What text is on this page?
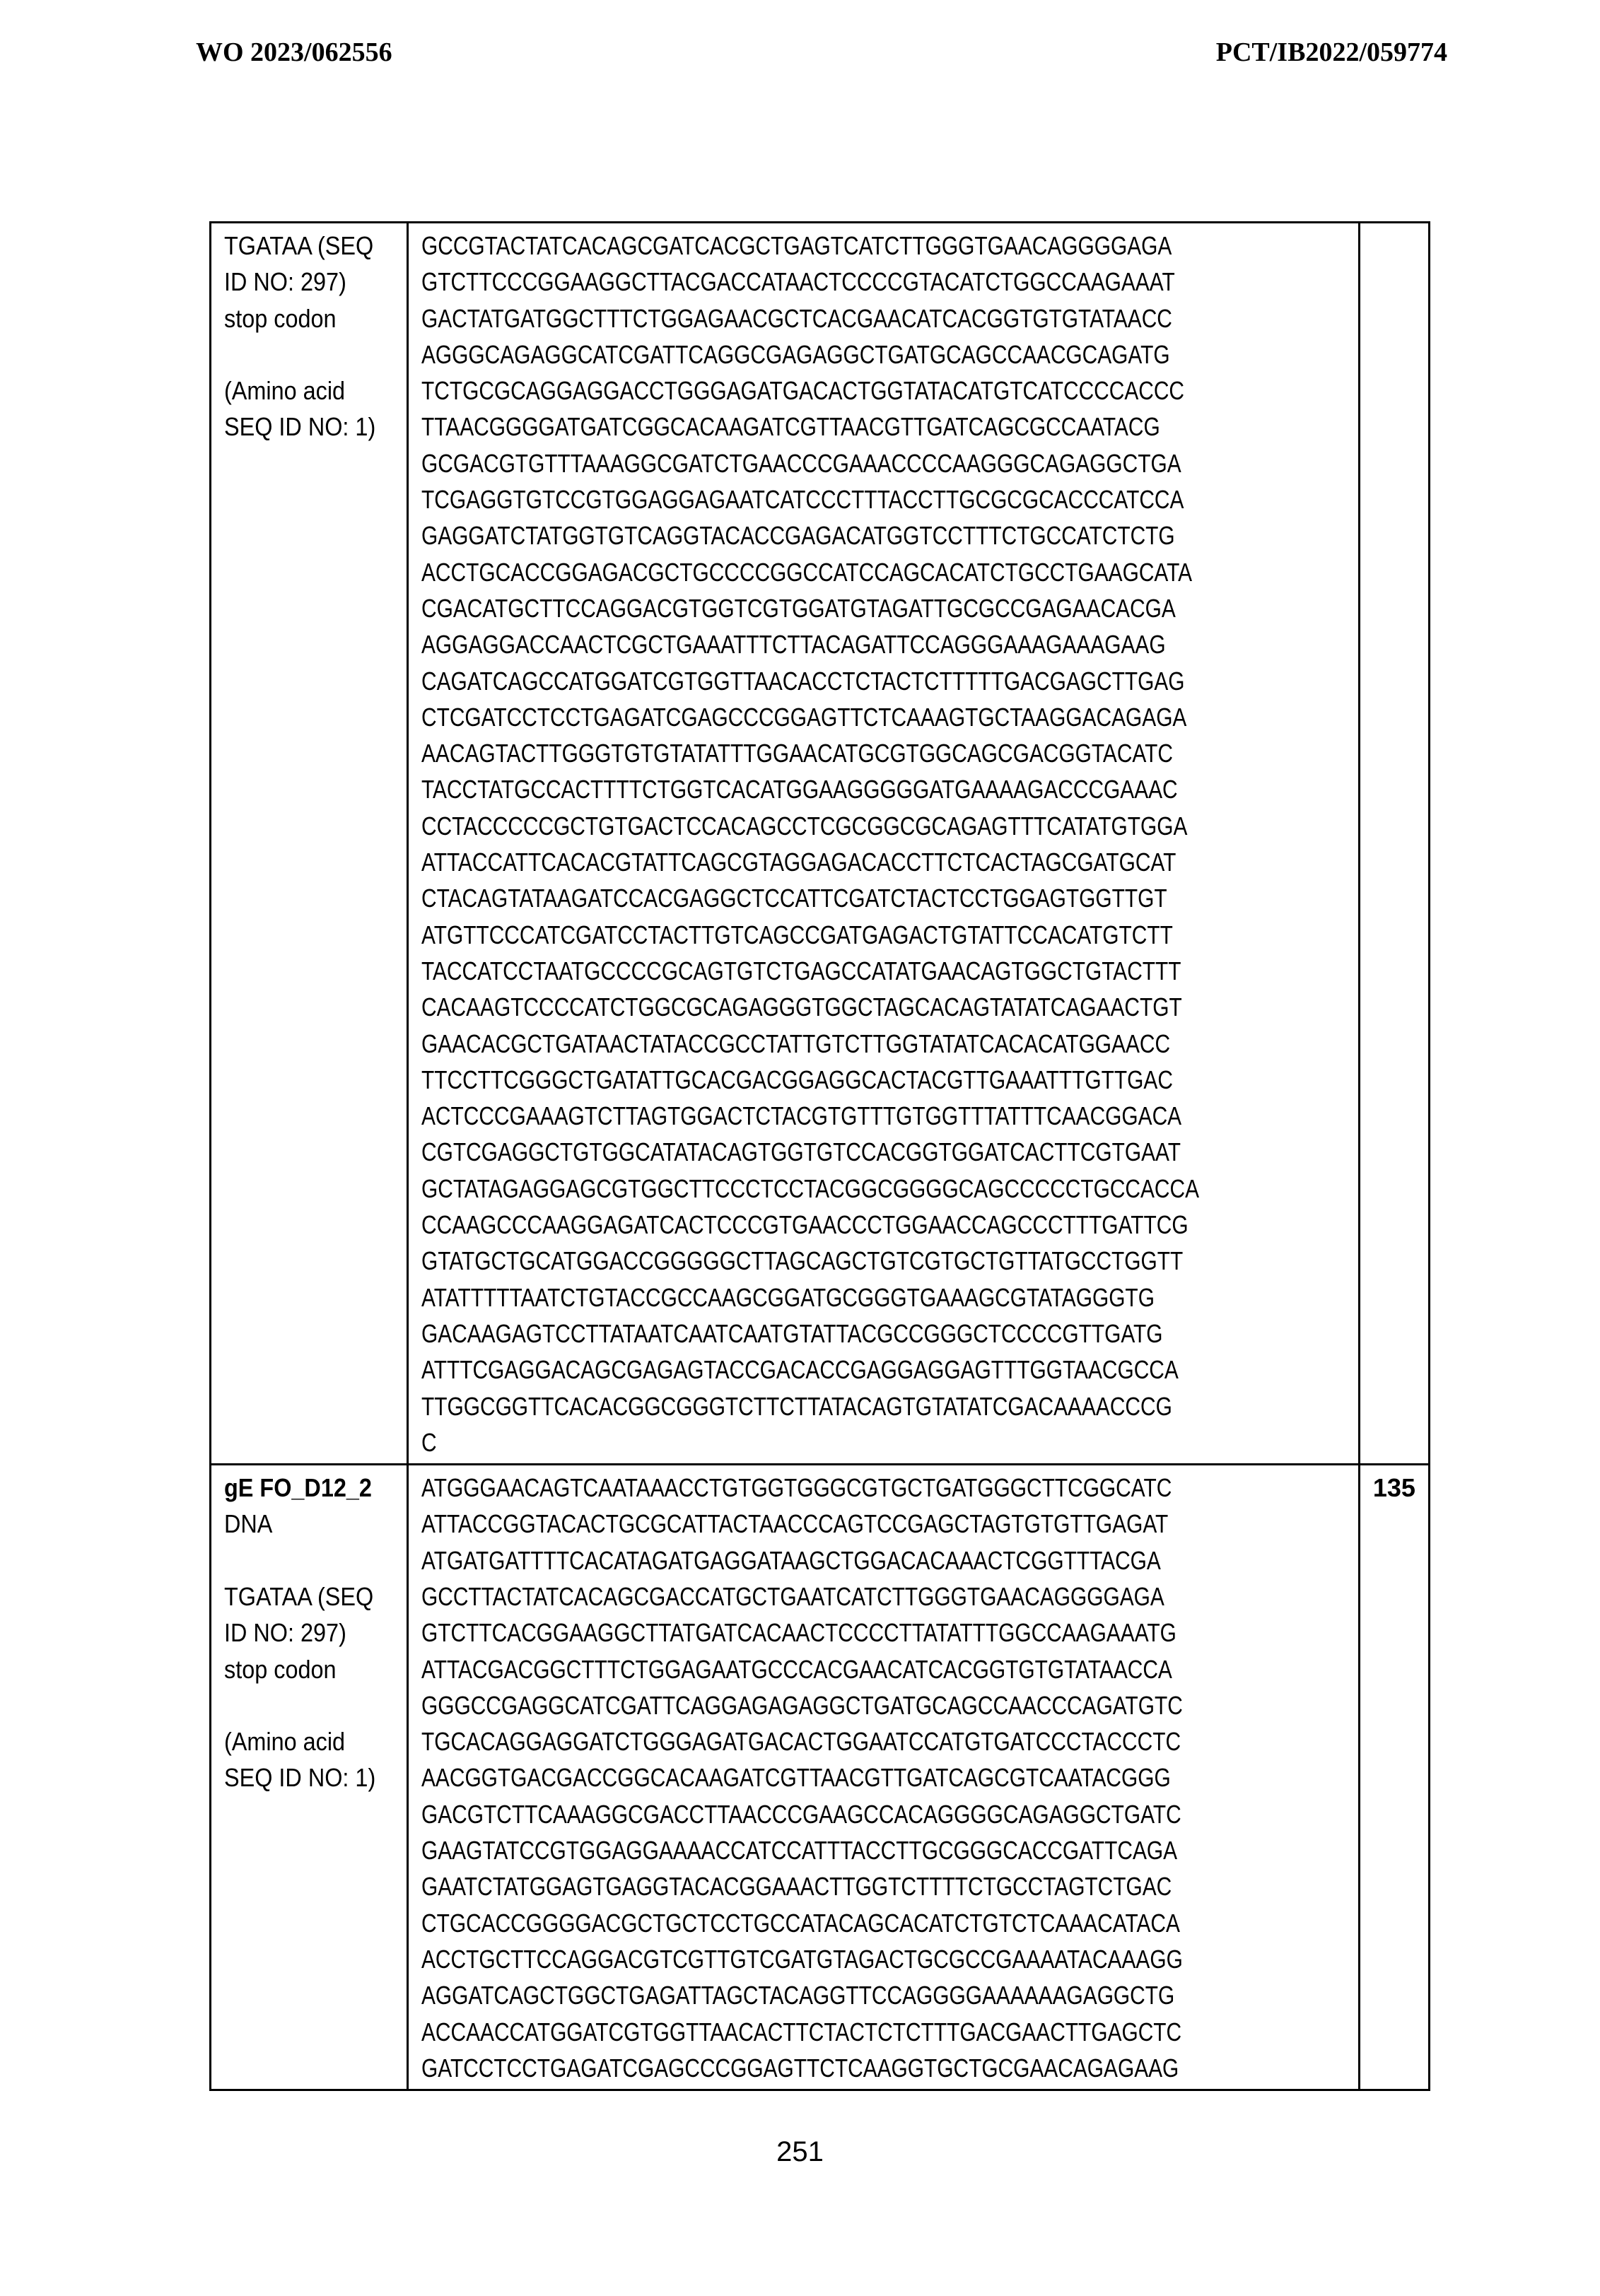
WO 2023/062556	PCT/IB2022/059774
TGATAA (SEQ
ID NO: 297)
stop codon

(Amino acid
SEQ ID NO: 1)

GCCGTACTATCACAGCGATCACGCTGAGTCATCTTGGGTGAACAGGGGAGA
GTCTTCCCGGAAGGCTTACGACCATAACTCCCCGTACATCTGGCCAAGAAAT
GACTATGATGGCTTTCTGGAGAACGCTCACGAACATCACGGTGTGTATAACC
AGGGCAGAGGCATCGATTCAGGCGAGAGGCTGATGCAGCCAACGCAGATG
TCTGCGCAGGAGGACCTGGGAGATGACACTGGTATACATGTCATCCCCACCC
TTAACGGGGATGATCGGCACAAGATCGTTAACGTTGATCAGCGCCAATACG
GCGACGTGTTTAAAGGCGATCTGAACCCGAAACCCCAAGGGCAGAGGCTGA
TCGAGGTGTCCGTGGAGGAGAATCATCCCTTTACCTTGCGCGCACCCATCCA
GAGGATCTATGGTGTCAGGTACACCGAGACATGGTCCTTTCTGCCATCTCTG
ACCTGCACCGGAGACGCTGCCCCGGCCATCCAGCACATCTGCCTGAAGCATA
CGACATGCTTCCAGGACGTGGTCGTGGATGTAGATTGCGCCGAGAACACGA
AGGAGGACCAACTCGCTGAAATTTCTTACAGATTCCAGGGAAAGAAAGAAG
CAGATCAGCCATGGATCGTGGTTAACACCTCTACTCTTTTTGACGAGCTTGAG
CTCGATCCTCCTGAGATCGAGCCCGGAGTTCTCAAAGTGCTAAGGACAGAGA
AACAGTACTTGGGTGTGTATATTTGGAACATGCGTGGCAGCGACGGTACATC
TACCTATGCCACTTTTCTGGTCACATGGAAGGGGGATGAAAAGACCCGAAAC
CCTACCCCCGCTGTGACTCCACAGCCTCGCGGCGCAGAGTTTCATATGTGGA
ATTACCATTCACACGTATTCAGCGTAGGAGACACCTTCTCACTAGCGATGCAT
CTACAGTATAAGATCCACGAGGCTCCATTCGATCTACTCCTGGAGTGGTTGT
ATGTTCCCATCGATCCTACTTGTCAGCCGATGAGACTGTATTCCACATGTCTT
TACCATCCTAATGCCCCGCAGTGTCTGAGCCATATGAACAGTGGCTGTACTTT
CACAAGTCCCCATCTGGCGCAGAGGGTGGCTAGCACAGTATATCAGAACTGT
GAACACGCTGATAACTATACCGCCTATTGTCTTGGTATATCACACATGGAACC
TTCCTTCGGGCTGATATTGCACGACGGAGGCACTACGTTGAAATTTGTTGAC
ACTCCCGAAAGTCTTAGTGGACTCTACGTGTTTGTGGTTTATTTCAACGGACA
CGTCGAGGCTGTGGCATATACAGTGGTGTCCACGGTGGATCACTTCGTGAAT
GCTATAGAGGAGCGTGGCTTCCCTCCTACGGCGGGGCAGCCCCCTGCCACCA
CCAAGCCCAAGGAGATCACTCCCGTGAACCCTGGAACCAGCCCTTTGATTCG
GTATGCTGCATGGACCGGGGGCTTAGCAGCTGTCGTGCTGTTATGCCTGGTT
ATATTTTTAATCTGTACCGCCAAGCGGATGCGGGTGAAAGCGTATAGGGTG
GACAAGAGTCCTTATAATCAATCAATGTATTACGCCGGGCTCCCCGTTGATG
ATTTCGAGGACAGCGAGAGTACCGACACCGAGGAGGAGTTTGGTAACGCCA
TTGGCGGTTCACACGGCGGGTCTTCTTATACAGTGTATATCGACAAAACCCG
C

gE FO_D12_2
DNA

TGATAA (SEQ
ID NO: 297)
stop codon

(Amino acid
SEQ ID NO: 1)

ATGGGAACAGTCAATAAACCTGTGGTGGGCGTGCTGATGGGCTTCGGCATC
ATTACCGGTACACTGCGCATTACTAACCCAGTCCGAGCTAGTGTGTTGAGAT
ATGATGATTTTCACATAGATGAGGATAAGCTGGACACAAACTCGGTTTACGA
GCCTTACTATCACAGCGACCATGCTGAATCATCTTGGGTGAACAGGGGAGA
GTCTTCACGGAAGGCTTATGATCACAACTCCCCTTATATTTGGCCAAGAAATG
ATTACGACGGCTTTCTGGAGAATGCCCACGAACATCACGGTGTGTATAACCA
GGGCCGAGGCATCGATTCAGGAGAGAGGCTGATGCAGCCAACCCAGATGTC
TGCACAGGAGGATCTGGGAGATGACACTGGAATCCATGTGATCCCTACCCTC
AACGGTGACGACCGGCACAAGATCGTTAACGTTGATCAGCGTCAATACGGG
GACGTCTTCAAAGGCGACCTTAACCCGAAGCCACAGGGGCAGAGGCTGATC
GAAGTATCCGTGGAGGAAAACCATCCATTTACCTTGCGGGCACCGATTCAGA
GAATCTATGGAGTGAGGTACACGGAAACTTGGTCTTTTCTGCCTAGTCTGAC
CTGCACCGGGGACGCTGCTCCTGCCATACAGCACATCTGTCTCAAACATACA
ACCTGCTTCCAGGACGTCGTTGTCGATGTAGACTGCGCCGAAAATACAAAGG
AGGATCAGCTGGCTGAGATTAGCTACAGGTTCCAGGGGAAAAAAGAGGCTG
ACCAACCATGGATCGTGGTTAACACTTCTACTCTCTTTGACGAACTTGAGCTC
GATCCTCCTGAGATCGAGCCCGGAGTTCTCAAGGTGCTGCGAACAGAGAAG

135
251
